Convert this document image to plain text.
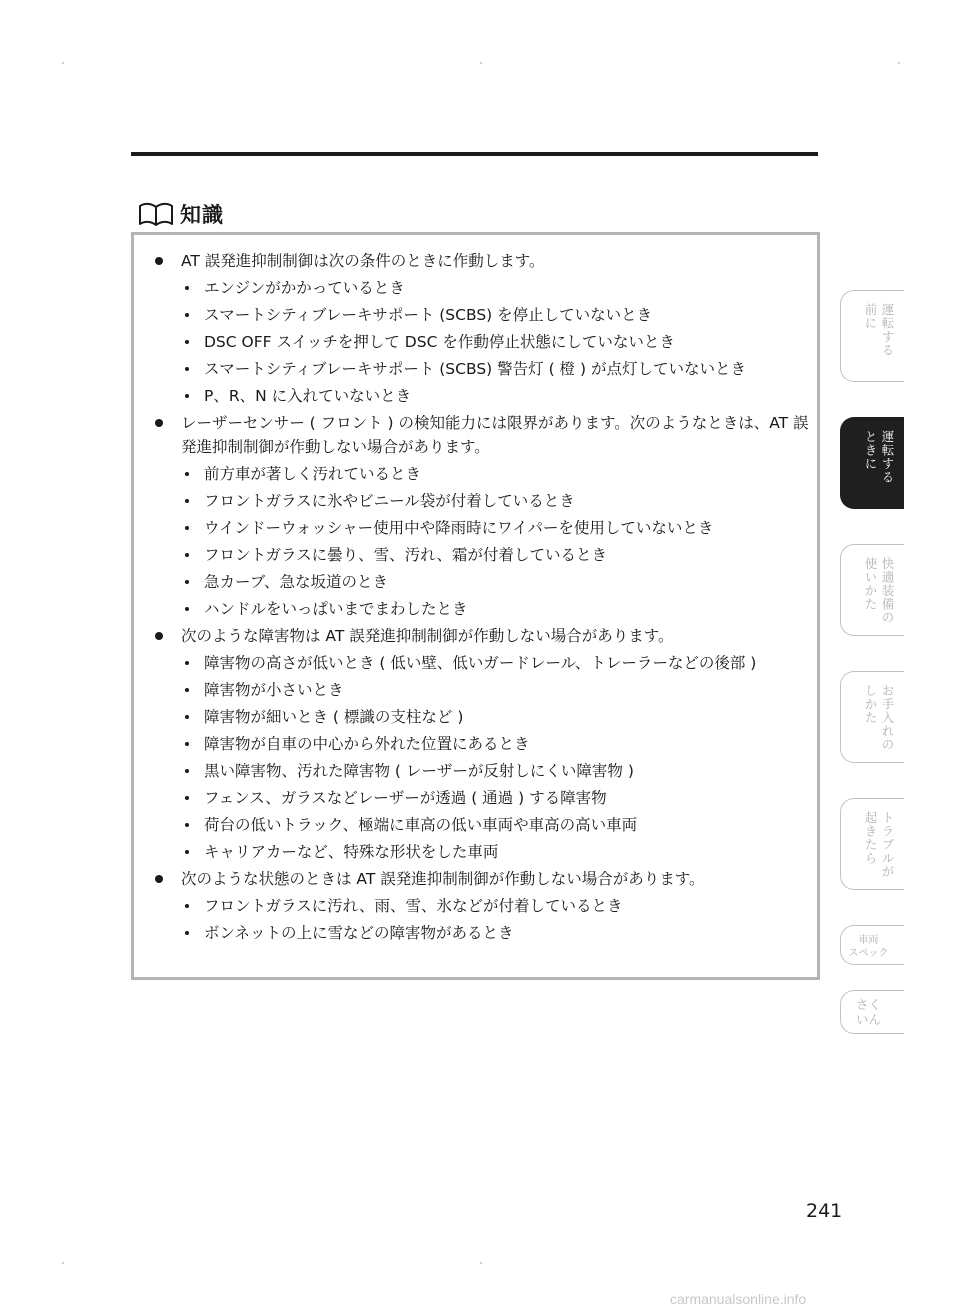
知識
AT 誤発進抑制制御は次の条件のときに作動します。
エンジンがかかっているとき
スマートシティブレーキサポート (SCBS) を停止していないとき
DSC OFF スイッチを押して DSC を作動停止状態にしていないとき
スマートシティブレーキサポート (SCBS) 警告灯 ( 橙 ) が点灯していないとき
P、R、N に入れていないとき
レーザーセンサー ( フロント ) の検知能力には限界があります。次のようなときは、AT 誤発進抑制制御が作動しない場合があります。
前方車が著しく汚れているとき
フロントガラスに氷やビニール袋が付着しているとき
ウインドーウォッシャー使用中や降雨時にワイパーを使用していないとき
フロントガラスに曇り、雪、汚れ、霜が付着しているとき
急カーブ、急な坂道のとき
ハンドルをいっぱいまでまわしたとき
次のような障害物は AT 誤発進抑制制御が作動しない場合があります。
障害物の高さが低いとき ( 低い壁、低いガードレール、トレーラーなどの後部 )
障害物が小さいとき
障害物が細いとき ( 標識の支柱など )
障害物が自車の中心から外れた位置にあるとき
黒い障害物、汚れた障害物 ( レーザーが反射しにくい障害物 )
フェンス、ガラスなどレーザーが透過 ( 通過 ) する障害物
荷台の低いトラック、極端に車高の低い車両や車高の高い車両
キャリアカーなど、特殊な形状をした車両
次のような状態のときは AT 誤発進抑制制御が作動しない場合があります。
フロントガラスに汚れ、雨、雪、氷などが付着しているとき
ボンネットの上に雪などの障害物があるとき
運転する
前に
運転する
ときに
快適装備の
使いかた
お手入れの
しかた
トラブルが
起きたら
車両
スペック
さく
いん
241
carmanualsonline.info
